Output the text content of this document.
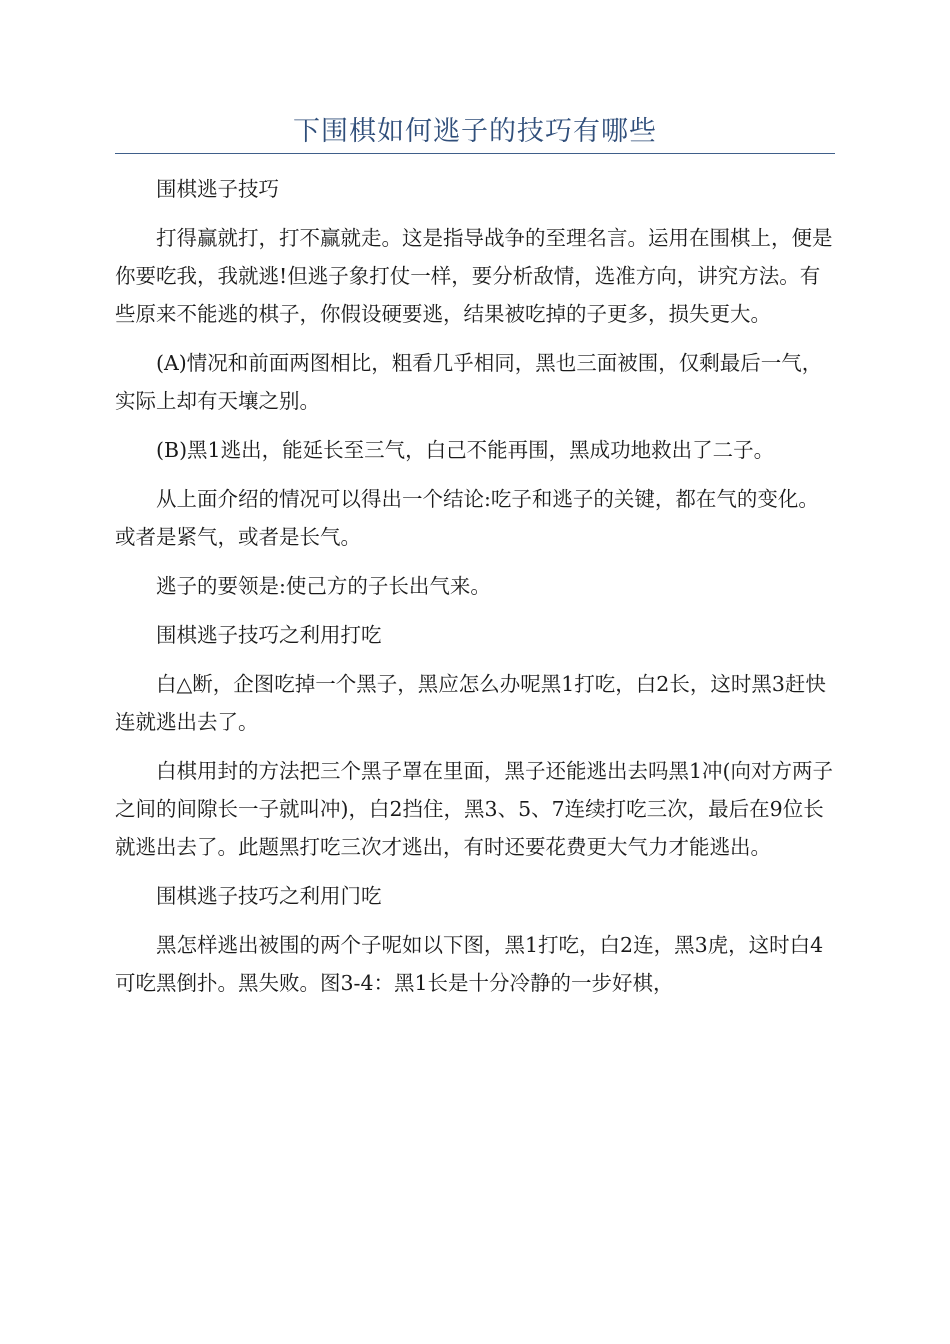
下围棋如何逃子的技巧有哪些

围棋逃子技巧

打得赢就打，打不赢就走。这是指导战争的至理名言。运用在围棋上，便是你要吃我，我就逃!但逃子象打仗一样，要分析敌情，选准方向，讲究方法。有些原来不能逃的棋子，你假设硬要逃，结果被吃掉的子更多，损失更大。

(A)情况和前面两图相比，粗看几乎相同，黑也三面被围，仅剩最后一气，实际上却有天壤之别。

(B)黑1逃出，能延长至三气，白己不能再围，黑成功地救出了二子。

从上面介绍的情况可以得出一个结论:吃子和逃子的关键，都在气的变化。或者是紧气，或者是长气。

逃子的要领是:使己方的子长出气来。

围棋逃子技巧之利用打吃

白△断，企图吃掉一个黑子，黑应怎么办呢黑1打吃，白2长，这时黑3赶快连就逃出去了。

白棋用封的方法把三个黑子罩在里面，黑子还能逃出去吗黑1冲(向对方两子之间的间隙长一子就叫冲)，白2挡住，黑3、5、7连续打吃三次，最后在9位长就逃出去了。此题黑打吃三次才逃出，有时还要花费更大气力才能逃出。

围棋逃子技巧之利用门吃

黑怎样逃出被围的两个子呢如以下图，黑1打吃，白2连，黑3虎，这时白4可吃黑倒扑。黑失败。图3-4：黑1长是十分冷静的一步好棋，
